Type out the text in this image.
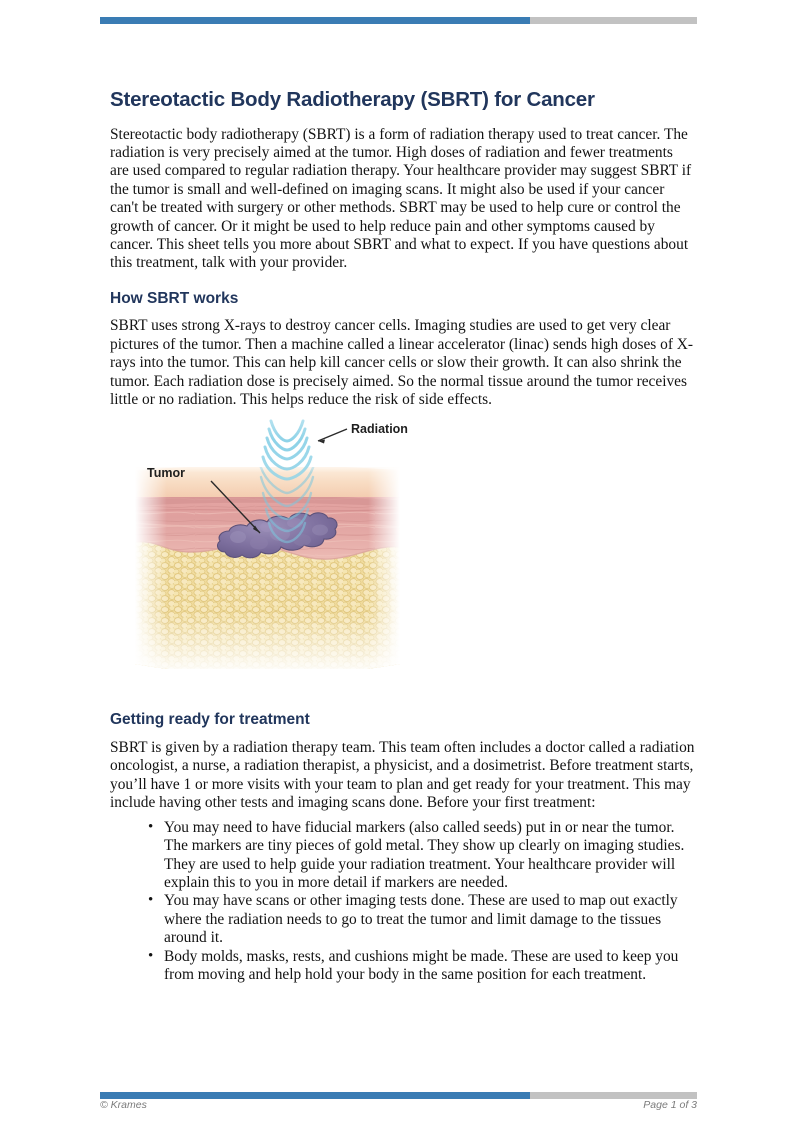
Stereotactic Body Radiotherapy (SBRT) for Cancer

Stereotactic body radiotherapy (SBRT) is a form of radiation therapy used to treat cancer. The radiation is very precisely aimed at the tumor. High doses of radiation and fewer treatments are used compared to regular radiation therapy. Your healthcare provider may suggest SBRT if the tumor is small and well-defined on imaging scans. It might also be used if your cancer can't be treated with surgery or other methods. SBRT may be used to help cure or control the growth of cancer. Or it might be used to help reduce pain and other symptoms caused by cancer. This sheet tells you more about SBRT and what to expect. If you have questions about this treatment, talk with your provider.

How SBRT works

SBRT uses strong X-rays to destroy cancer cells. Imaging studies are used to get very clear pictures of the tumor. Then a machine called a linear accelerator (linac) sends high doses of X-rays into the tumor. This can help kill cancer cells or slow their growth. It can also shrink the tumor. Each radiation dose is precisely aimed. So the normal tissue around the tumor receives little or no radiation. This helps reduce the risk of side effects.

Radiation
Tumor
Getting ready for treatment

SBRT is given by a radiation therapy team. This team often includes a doctor called a radiation oncologist, a nurse, a radiation therapist, a physicist, and a dosimetrist. Before treatment starts, you’ll have 1 or more visits with your team to plan and get ready for your treatment. This may include having other tests and imaging scans done. Before your first treatment:

• You may need to have fiducial markers (also called seeds) put in or near the tumor. The markers are tiny pieces of gold metal. They show up clearly on imaging studies. They are used to help guide your radiation treatment. Your healthcare provider will explain this to you in more detail if markers are needed.
• You may have scans or other imaging tests done. These are used to map out exactly where the radiation needs to go to treat the tumor and limit damage to the tissues around it.
• Body molds, masks, rests, and cushions might be made. These are used to keep you from moving and help hold your body in the same position for each treatment.
© Krames	Page 1 of 3
